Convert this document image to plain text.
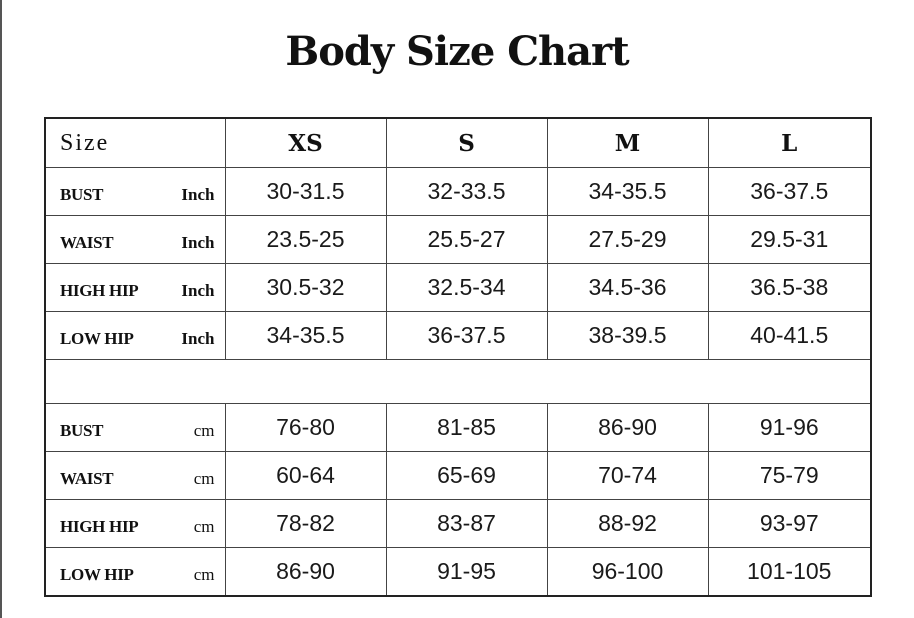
Body Size Chart
Size	XS	S	M	L

BUST Inch	30-31.5	32-33.5	34-35.5	36-37.5

WAIST Inch	23.5-25	25.5-27	27.5-29	29.5-31

HIGH HIP Inch	30.5-32	32.5-34	34.5-36	36.5-38

LOW HIP Inch	34-35.5	36-37.5	38-39.5	40-41.5

BUST cm	76-80	81-85	86-90	91-96

WAIST cm	60-64	65-69	70-74	75-79

HIGH HIP cm	78-82	83-87	88-92	93-97

LOW HIP cm	86-90	91-95	96-100	101-105
